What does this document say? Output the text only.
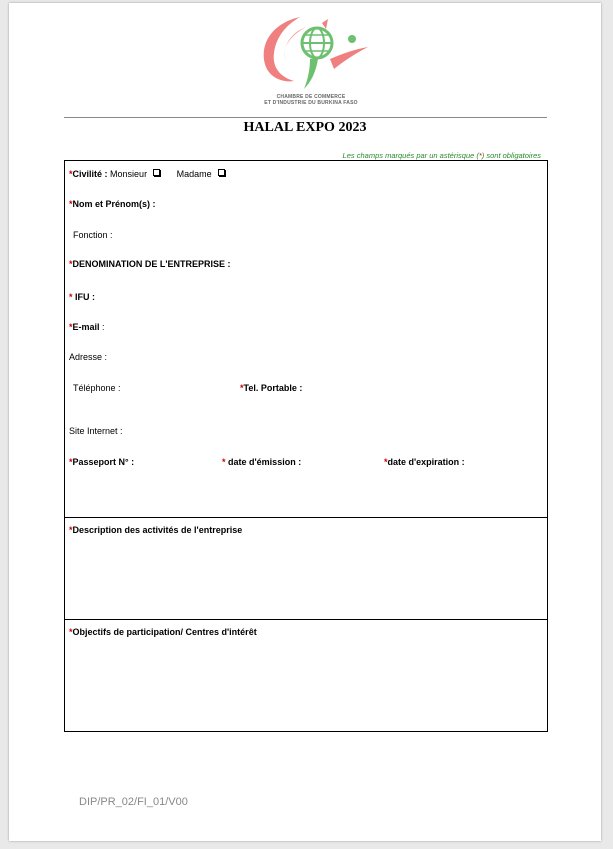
CHAMBRE DE COMMERCE
ET D'INDUSTRIE DU BURKINA FASO
HALAL EXPO 2023
Les champs marqués par un astérisque (*) sont obligatoires
*Civilité : Monsieur	Madame
*Nom et Prénom(s) :
Fonction :
*DENOMINATION DE L'ENTREPRISE :
* IFU :
*E-mail :
Adresse :
Téléphone :	*Tel. Portable :
Site Internet :
*Passeport N° :	* date d'émission :	*date d'expiration :
*Description des activités de l'entreprise
*Objectifs de participation/ Centres d'intérêt
DIP/PR_02/FI_01/V00
